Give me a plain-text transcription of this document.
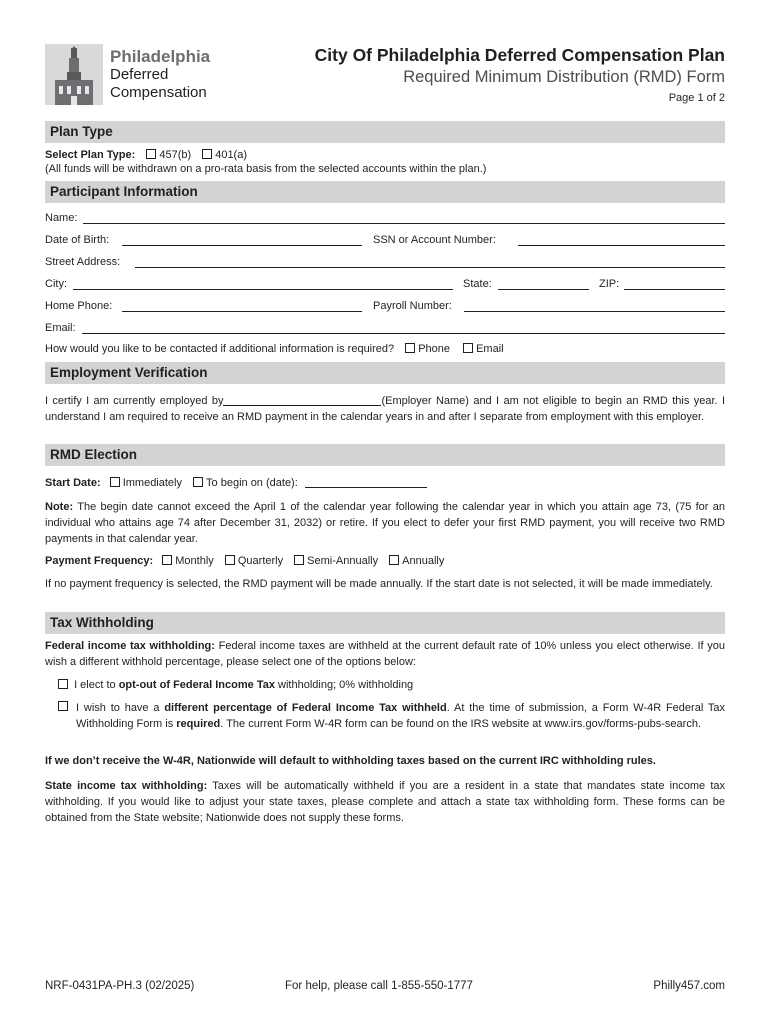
Philadelphia
Deferred
Compensation
City Of Philadelphia Deferred Compensation Plan
Required Minimum Distribution (RMD) Form
Page 1 of 2
Plan Type
Select Plan Type: 457(b) 401(a)
(All funds will be withdrawn on a pro-rata basis from the selected accounts within the plan.)
Participant Information
Name:
Date of Birth:	SSN or Account Number:
Street Address:
City:	State:	ZIP:
Home Phone:	Payroll Number:
Email:
How would you like to be contacted if additional information is required? Phone Email
Employment Verification
I certify I am currently employed by	(Employer Name) and I am not eligible to begin an RMD this year. I understand I am required to receive an RMD payment in the calendar years in and after I separate from employment with this employer.
RMD Election
Start Date: Immediately To begin on (date):
Note: The begin date cannot exceed the April 1 of the calendar year following the calendar year in which you attain age 73, (75 for an individual who attains age 74 after December 31, 2032) or retire. If you elect to defer your first RMD payment, you will receive two RMD payments in that calendar year.
Payment Frequency: Monthly Quarterly Semi-Annually Annually
If no payment frequency is selected, the RMD payment will be made annually. If the start date is not selected, it will be made immediately.
Tax Withholding
Federal income tax withholding: Federal income taxes are withheld at the current default rate of 10% unless you elect otherwise. If you wish a different withhold percentage, please select one of the options below:
I elect to opt-out of Federal Income Tax withholding; 0% withholding
I wish to have a different percentage of Federal Income Tax withheld. At the time of submission, a Form W-4R Federal Tax Withholding Form is required. The current Form W-4R form can be found on the IRS website at www.irs.gov/forms-pubs-search.
If we don’t receive the W-4R, Nationwide will default to withholding taxes based on the current IRC withholding rules.
State income tax withholding: Taxes will be automatically withheld if you are a resident in a state that mandates state income tax withholding. If you would like to adjust your state taxes, please complete and attach a state tax withholding form. These forms can be obtained from the State website; Nationwide does not supply these forms.
NRF-0431PA-PH.3 (02/2025)	For help, please call 1-855-550-1777	Philly457.com
